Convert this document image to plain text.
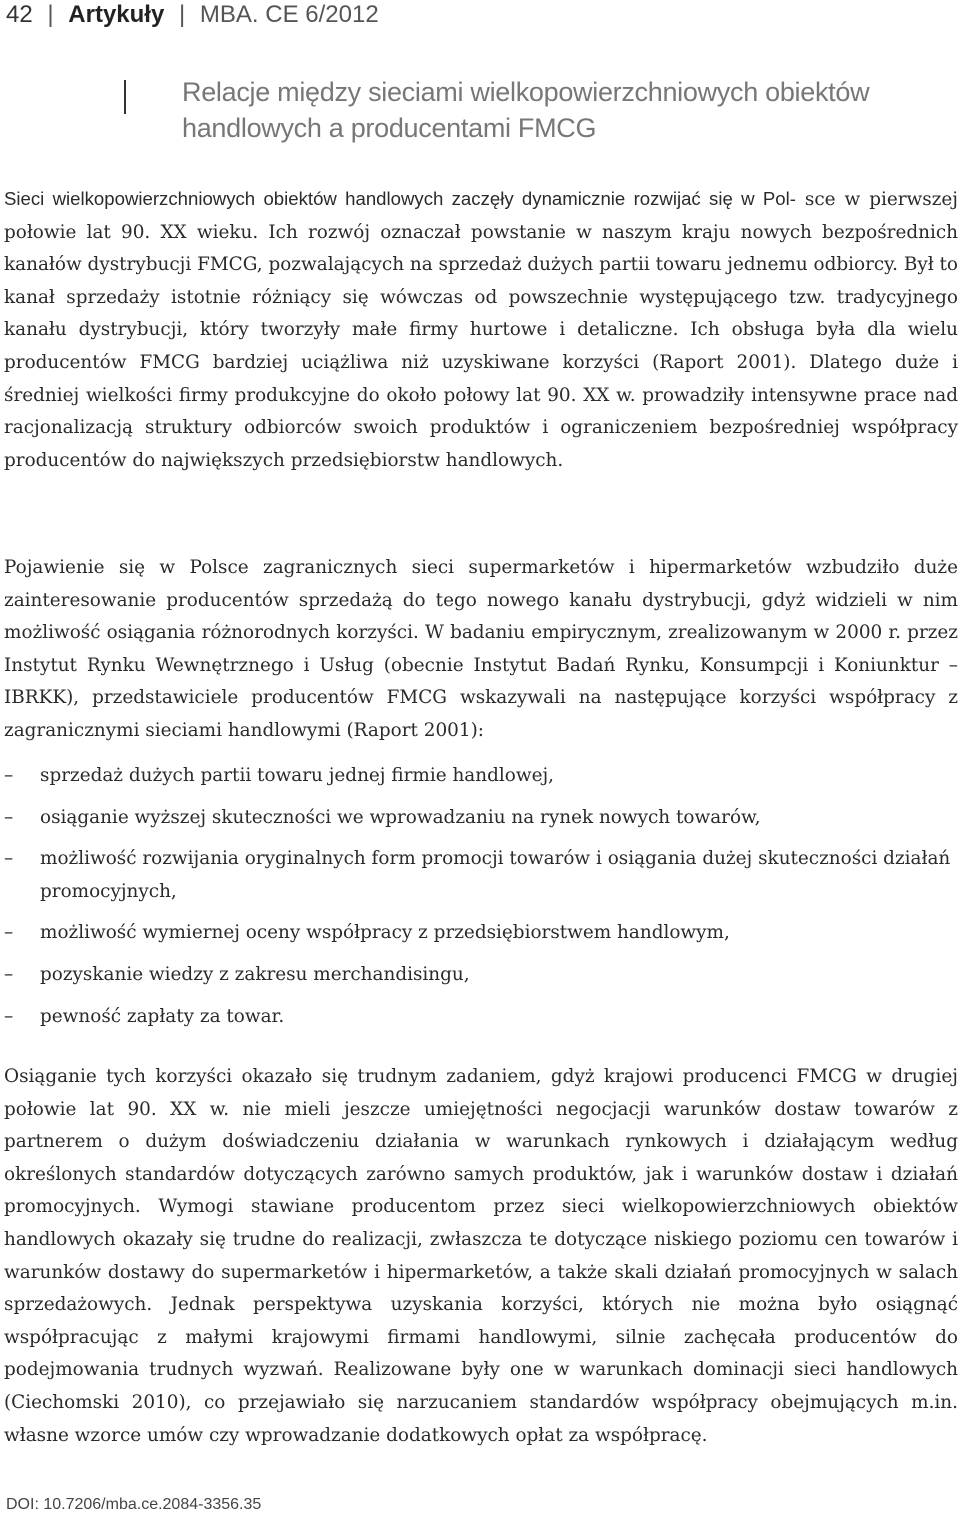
42 | Artykuły | MBA. CE 6/2012
Relacje między sieciami wielkopowierzchniowych obiektów handlowych a producentami FMCG

Sieci wielkopowierzchniowych obiektów handlowych zaczęły dynamicznie rozwijać się w Pol- sce w pierwszej połowie lat 90. XX wieku. Ich rozwój oznaczał powstanie w naszym kraju nowych bezpośrednich kanałów dystrybucji FMCG, pozwalających na sprzedaż dużych partii towaru jednemu odbiorcy. Był to kanał sprzedaży istotnie różniący się wówczas od powszechnie występującego tzw. tradycyjnego kanału dystrybucji, który tworzyły małe firmy hurtowe i detaliczne. Ich obsługa była dla wielu producentów FMCG bardziej uciążliwa niż uzyskiwane korzyści (Raport 2001). Dlatego duże i średniej wielkości firmy produkcyjne do około połowy lat 90. XX w. prowadziły intensywne prace nad racjonalizacją struktury odbiorców swoich produktów i ograniczeniem bezpośredniej współpracy producentów do największych przedsiębiorstw handlowych.

Pojawienie się w Polsce zagranicznych sieci supermarketów i hipermarketów wzbudziło duże zainteresowanie producentów sprzedażą do tego nowego kanału dystrybucji, gdyż widzieli w nim możliwość osiągania różnorodnych korzyści. W badaniu empirycznym, zrealizowanym w 2000 r. przez Instytut Rynku Wewnętrznego i Usług (obecnie Instytut Badań Rynku, Konsumpcji i Koniunktur – IBRKK), przedstawiciele producentów FMCG wskazywali na następujące korzyści współpracy z zagranicznymi sieciami handlowymi (Raport 2001):

– sprzedaż dużych partii towaru jednej firmie handlowej,
– osiąganie wyższej skuteczności we wprowadzaniu na rynek nowych towarów,
– możliwość rozwijania oryginalnych form promocji towarów i osiągania dużej skuteczności działań promocyjnych,
– możliwość wymiernej oceny współpracy z przedsiębiorstwem handlowym,
– pozyskanie wiedzy z zakresu merchandisingu,
– pewność zapłaty za towar.

Osiąganie tych korzyści okazało się trudnym zadaniem, gdyż krajowi producenci FMCG w drugiej połowie lat 90. XX w. nie mieli jeszcze umiejętności negocjacji warunków dostaw towarów z partnerem o dużym doświadczeniu działania w warunkach rynkowych i działającym według określonych standardów dotyczących zarówno samych produktów, jak i warunków dostaw i działań promocyjnych. Wymogi stawiane producentom przez sieci wielkopowierzchniowych obiektów handlowych okazały się trudne do realizacji, zwłaszcza te dotyczące niskiego poziomu cen towarów i warunków dostawy do supermarketów i hipermarketów, a także skali działań promocyjnych w salach sprzedażowych. Jednak perspektywa uzyskania korzyści, których nie można było osiągnąć współpracując z małymi krajowymi firmami handlowymi, silnie zachęcała producentów do podejmowania trudnych wyzwań. Realizowane były one w warunkach dominacji sieci handlowych (Ciechomski 2010), co przejawiało się narzucaniem standardów współpracy obejmujących m.in. własne wzorce umów czy wprowadzanie dodatkowych opłat za współpracę.

DOI: 10.7206/mba.ce.2084-3356.35
